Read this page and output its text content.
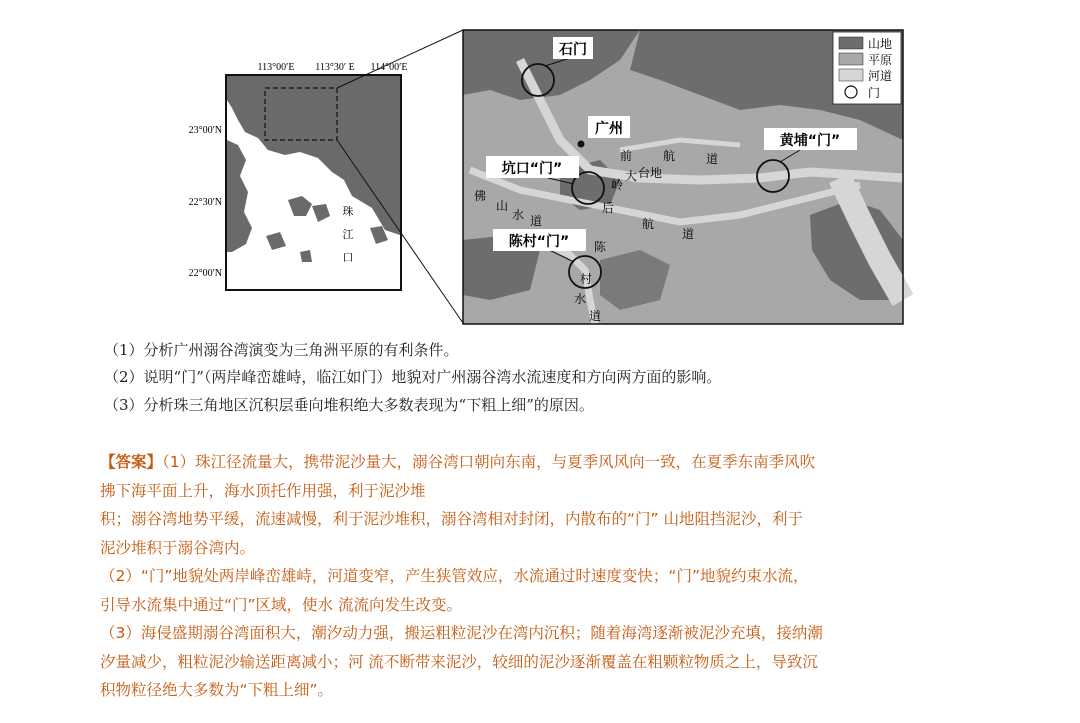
113°00′E 113°30′ E 114°00′E
23°00′N
22°30′N
22°00′N
珠
江
口
山地
平原
河道
门
石门
黄埔“门”
坑口“门”
陈村“门”
广州
前	航	道
后
航
道
佛
山
水 道
陈
村
水
道
岭
大 台 地
（1）分析广州溺谷湾演变为三角洲平原的有利条件。
（2）说明“门”（两岸峰峦雄峙，临江如门）地貌对广州溺谷湾水流速度和方向两方面的影响。
（3）分析珠三角地区沉积层垂向堆积绝大多数表现为“下粗上细”的原因。

【答案】（1）珠江径流量大，携带泥沙量大，溺谷湾口朝向东南，与夏季风风向一致，在夏季东南季风吹

拂下海平面上升，海水顶托作用强，利于泥沙堆

积；溺谷湾地势平缓，流速减慢，利于泥沙堆积，溺谷湾相对封闭，内散布的“门” 山地阻挡泥沙，利于

泥沙堆积于溺谷湾内。

（2）“门”地貌处两岸峰峦雄峙，河道变窄，产生狭管效应，水流通过时速度变快；“门”地貌约束水流，

引导水流集中通过“门”区域，使水 流流向发生改变。

（3）海侵盛期溺谷湾面积大，潮汐动力强，搬运粗粒泥沙在湾内沉积；随着海湾逐渐被泥沙充填，接纳潮

汐量减少，粗粒泥沙输送距离减小；河 流不断带来泥沙，较细的泥沙逐渐覆盖在粗颗粒物质之上，导致沉

积物粒径绝大多数为“下粗上细”。
